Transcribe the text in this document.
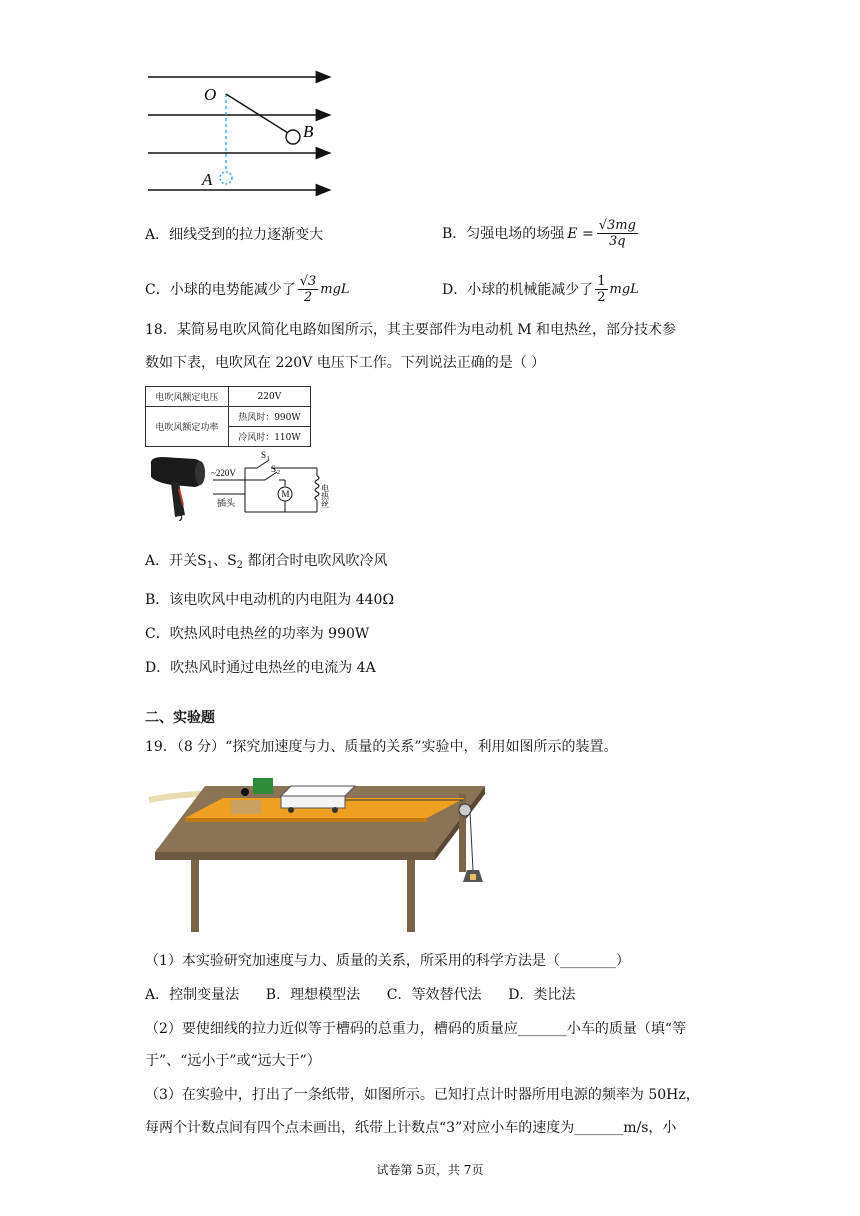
O
A
B
A．细线受到的拉力逐渐变大	B．匀强电场的场强 $E = \frac{√3mg}{3q}$
C．小球的电势能减少了 $\frac{√3}{2}$ mgL	D．小球的机械能减少了 $\frac{1}{2}$ mgL
18．某简易电吹风简化电路如图所示，其主要部件为电动机 M 和电热丝，部分技术参
数如下表，电吹风在 220V 电压下工作。下列说法正确的是（ ）
电吹风额定电压	220V
电吹风额定功率	热风时：990W
	冷风时：110W
~220V
插头
S 1
S 2
M	电热丝
A．开关$S_1$、$S_2$ 都闭合时电吹风吹冷风
B．该电吹风中电动机的内电阻为 440Ω
C．吹热风时电热丝的功率为 990W
D．吹热风时通过电热丝的电流为 4A
二、实验题
19．（8 分）“探究加速度与力、质量的关系”实验中，利用如图所示的装置。
（1）本实验研究加速度与力、质量的关系，所采用的科学方法是（________）
A．控制变量法      B．理想模型法      C．等效替代法      D．类比法
（2）要使细线的拉力近似等于槽码的总重力，槽码的质量应_______小车的质量（填“等
于”、“远小于”或“远大于”）
（3）在实验中，打出了一条纸带，如图所示。已知打点计时器所用电源的频率为 50Hz，
每两个计数点间有四个点未画出，纸带上计数点“3”对应小车的速度为_______m/s，小
试卷第 5页，共 7页
